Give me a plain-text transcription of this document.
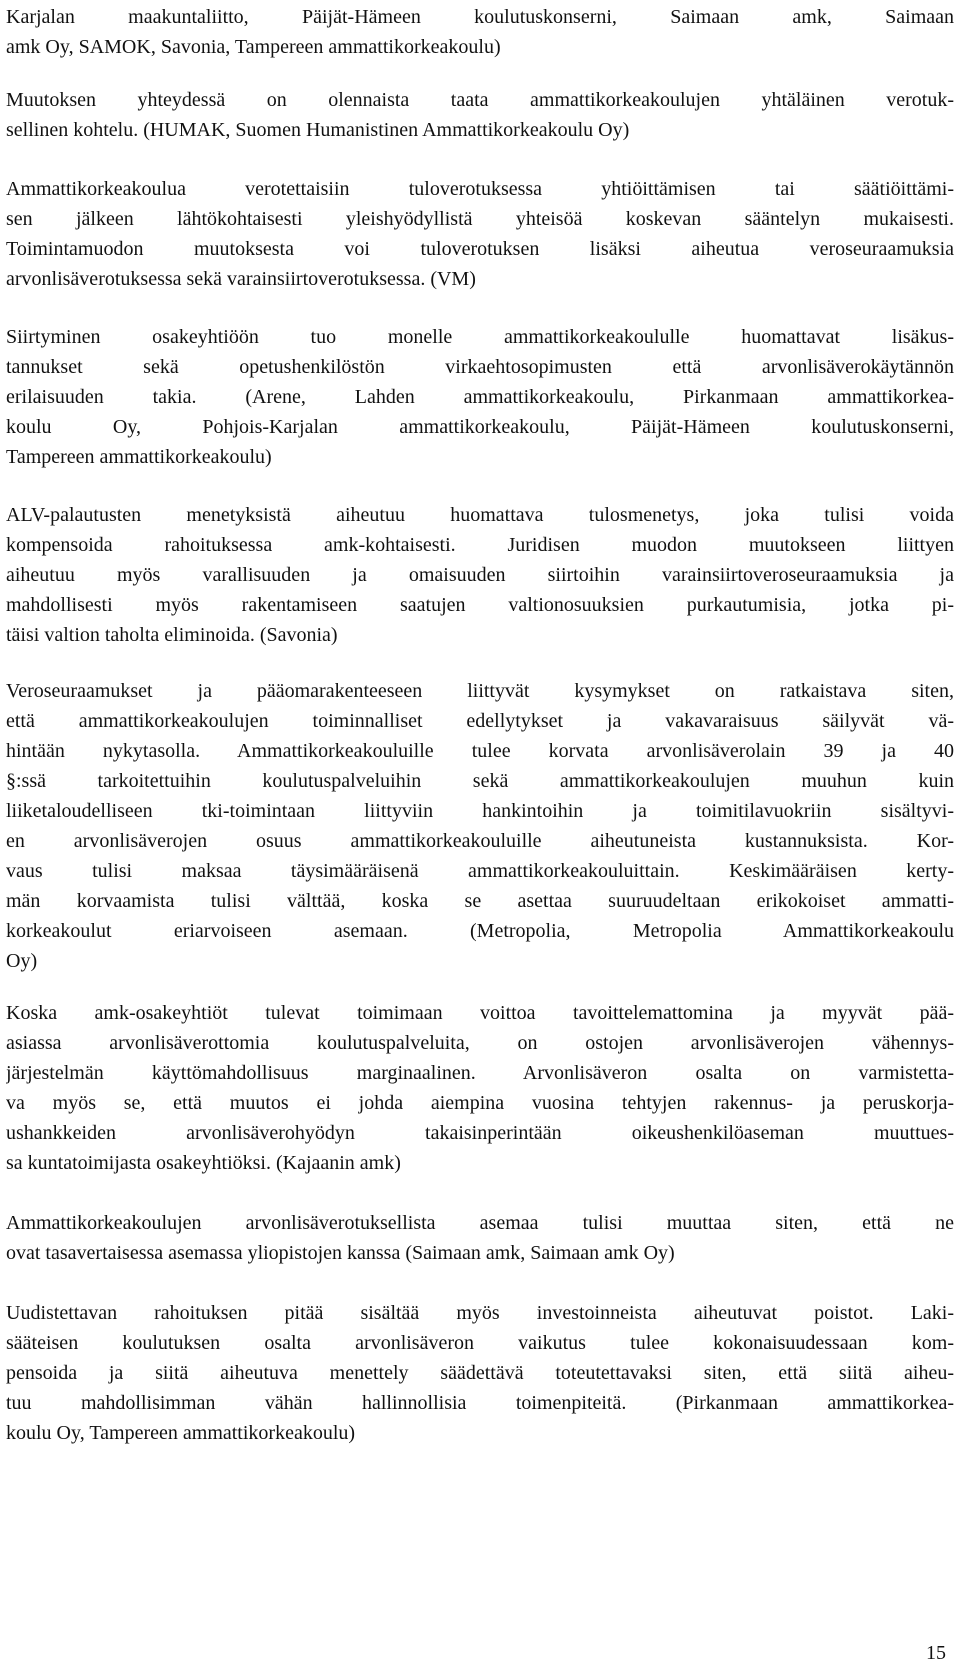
Karjalan maakuntaliitto, Päijät-Hämeen koulutuskonserni, Saimaan amk, Saimaan
amk Oy, SAMOK, Savonia, Tampereen ammattikorkeakoulu)
Muutoksen yhteydessä on olennaista taata ammattikorkeakoulujen yhtäläinen verotuk-
sellinen kohtelu. (HUMAK, Suomen Humanistinen Ammattikorkeakoulu Oy)
Ammattikorkeakoulua verotettaisiin tuloverotuksessa yhtiöittämisen tai säätiöittämi-
sen jälkeen lähtökohtaisesti yleishyödyllistä yhteisöä koskevan sääntelyn mukaisesti.
Toimintamuodon muutoksesta voi tuloverotuksen lisäksi aiheutua veroseuraamuksia
arvonlisäverotuksessa sekä varainsiirtoverotuksessa. (VM)
Siirtyminen osakeyhtiöön tuo monelle ammattikorkeakoululle huomattavat lisäkus-
tannukset sekä opetushenkilöstön virkaehtosopimusten että arvonlisäverokäytännön
erilaisuuden takia. (Arene, Lahden ammattikorkeakoulu, Pirkanmaan ammattikorkea-
koulu Oy, Pohjois-Karjalan ammattikorkeakoulu, Päijät-Hämeen koulutuskonserni,
Tampereen ammattikorkeakoulu)
ALV-palautusten menetyksistä aiheutuu huomattava tulosmenetys, joka tulisi voida
kompensoida rahoituksessa amk-kohtaisesti. Juridisen muodon muutokseen liittyen
aiheutuu myös varallisuuden ja omaisuuden siirtoihin varainsiirtoveroseuraamuksia ja
mahdollisesti myös rakentamiseen saatujen valtionosuuksien purkautumisia, jotka pi-
täisi valtion taholta eliminoida. (Savonia)
Veroseuraamukset ja pääomarakenteeseen liittyvät kysymykset on ratkaistava siten,
että ammattikorkeakoulujen toiminnalliset edellytykset ja vakavaraisuus säilyvät vä-
hintään nykytasolla. Ammattikorkeakouluille tulee korvata arvonlisäverolain 39 ja 40
§:ssä tarkoitettuihin koulutuspalveluihin sekä ammattikorkeakoulujen muuhun kuin
liiketaloudelliseen tki-toimintaan liittyviin hankintoihin ja toimitilavuokriin sisältyvi-
en arvonlisäverojen osuus ammattikorkeakouluille aiheutuneista kustannuksista. Kor-
vaus tulisi maksaa täysimääräisenä ammattikorkeakouluittain. Keskimääräisen kerty-
män korvaamista tulisi välttää, koska se asettaa suuruudeltaan erikokoiset ammatti-
korkeakoulut eriarvoiseen asemaan. (Metropolia, Metropolia Ammattikorkeakoulu
Oy)
Koska amk-osakeyhtiöt tulevat toimimaan voittoa tavoittelemattomina ja myyvät pää-
asiassa arvonlisäverottomia koulutuspalveluita, on ostojen arvonlisäverojen vähennys-
järjestelmän käyttömahdollisuus marginaalinen. Arvonlisäveron osalta on varmistetta-
va myös se, että muutos ei johda aiempina vuosina tehtyjen rakennus- ja peruskorja-
ushankkeiden arvonlisäverohyödyn takaisinperintään oikeushenkilöaseman muuttues-
sa kuntatoimijasta osakeyhtiöksi. (Kajaanin amk)
Ammattikorkeakoulujen arvonlisäverotuksellista asemaa tulisi muuttaa siten, että ne
ovat tasavertaisessa asemassa yliopistojen kanssa (Saimaan amk, Saimaan amk Oy)
Uudistettavan rahoituksen pitää sisältää myös investoinneista aiheutuvat poistot. Laki-
sääteisen koulutuksen osalta arvonlisäveron vaikutus tulee kokonaisuudessaan kom-
pensoida ja siitä aiheutuva menettely säädettävä toteutettavaksi siten, että siitä aiheu-
tuu mahdollisimman vähän hallinnollisia toimenpiteitä. (Pirkanmaan ammattikorkea-
koulu Oy, Tampereen ammattikorkeakoulu)
15
